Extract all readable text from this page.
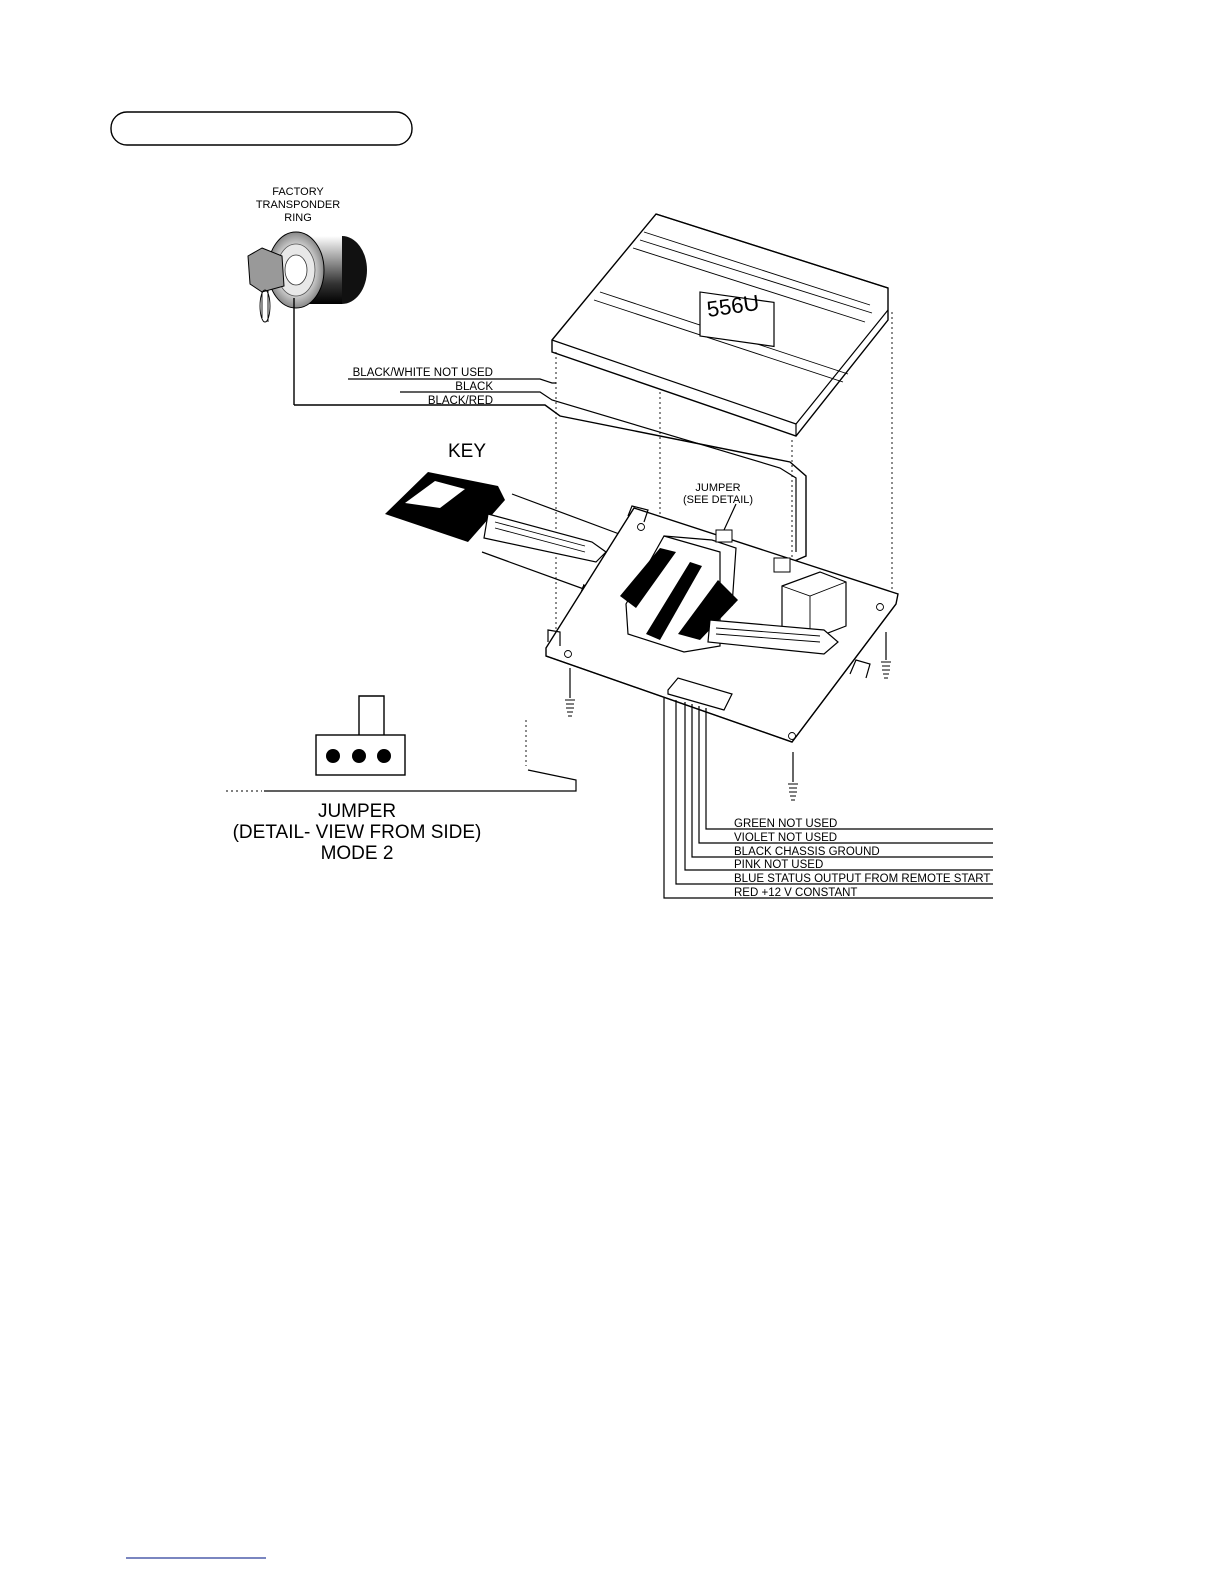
FACTORY
TRANSPONDER
RING
BLACK/WHITE NOT USED
BLACK
BLACK/RED
556U
KEY
JUMPER
(SEE DETAIL)
GREEN NOT USED
VIOLET NOT USED
BLACK CHASSIS GROUND
PINK NOT USED
BLUE STATUS OUTPUT FROM REMOTE START
RED +12 V CONSTANT
JUMPER
(DETAIL- VIEW FROM SIDE)
MODE 2
